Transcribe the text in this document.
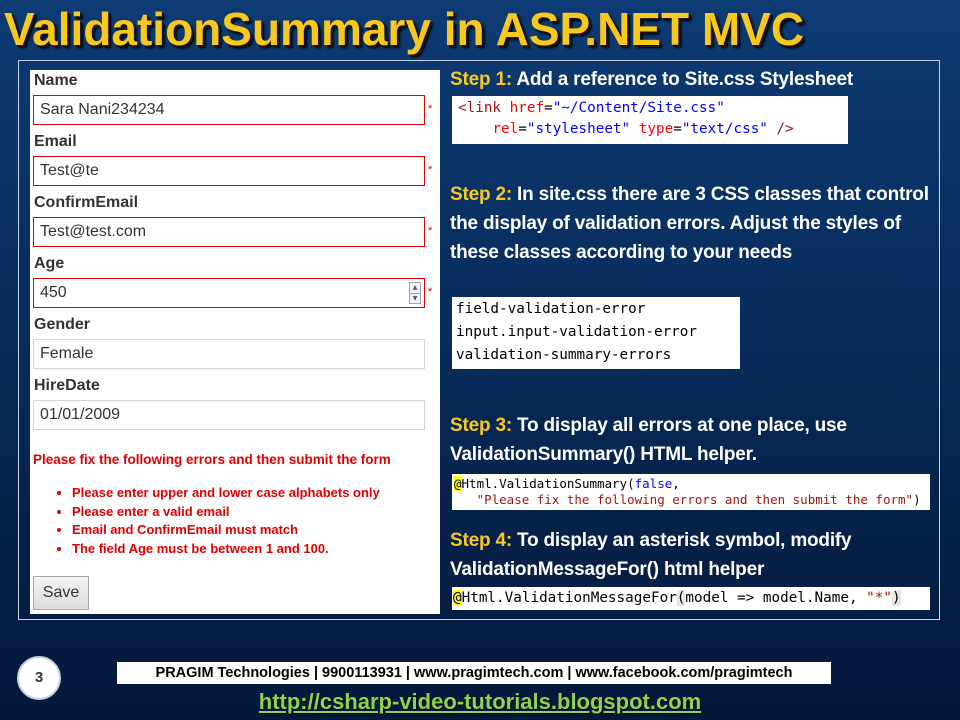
ValidationSummary in ASP.NET MVC
Name
Sara Nani234234	*
Email
Test@te	*
ConfirmEmail
Test@test.com	*
Age
450	▲
▼
*
Gender
Female
HireDate
01/01/2009
Please fix the following errors and then submit the form
• Please enter upper and lower case alphabets only
• Please enter a valid email
• Email and ConfirmEmail must match
• The field Age must be between 1 and 100.
Save

Step 1: Add a reference to Site.css Stylesheet

<link href="~/Content/Site.css"
rel="stylesheet" type="text/css" />

Step 2: In site.css there are 3 CSS classes that control the display of validation errors. Adjust the styles of these classes according to your needs

field-validation-error
input.input-validation-error
validation-summary-errors

Step 3: To display all errors at one place, use ValidationSummary() HTML helper.

@Html.ValidationSummary(false,
"Please fix the following errors and then submit the form")

Step 4: To display an asterisk symbol, modify ValidationMessageFor() html helper

@Html.ValidationMessageFor(model => model.Name, "*")
3	PRAGIM Technologies | 9900113931 | www.pragimtech.com | www.facebook.com/pragimtech
http://csharp-video-tutorials.blogspot.com
